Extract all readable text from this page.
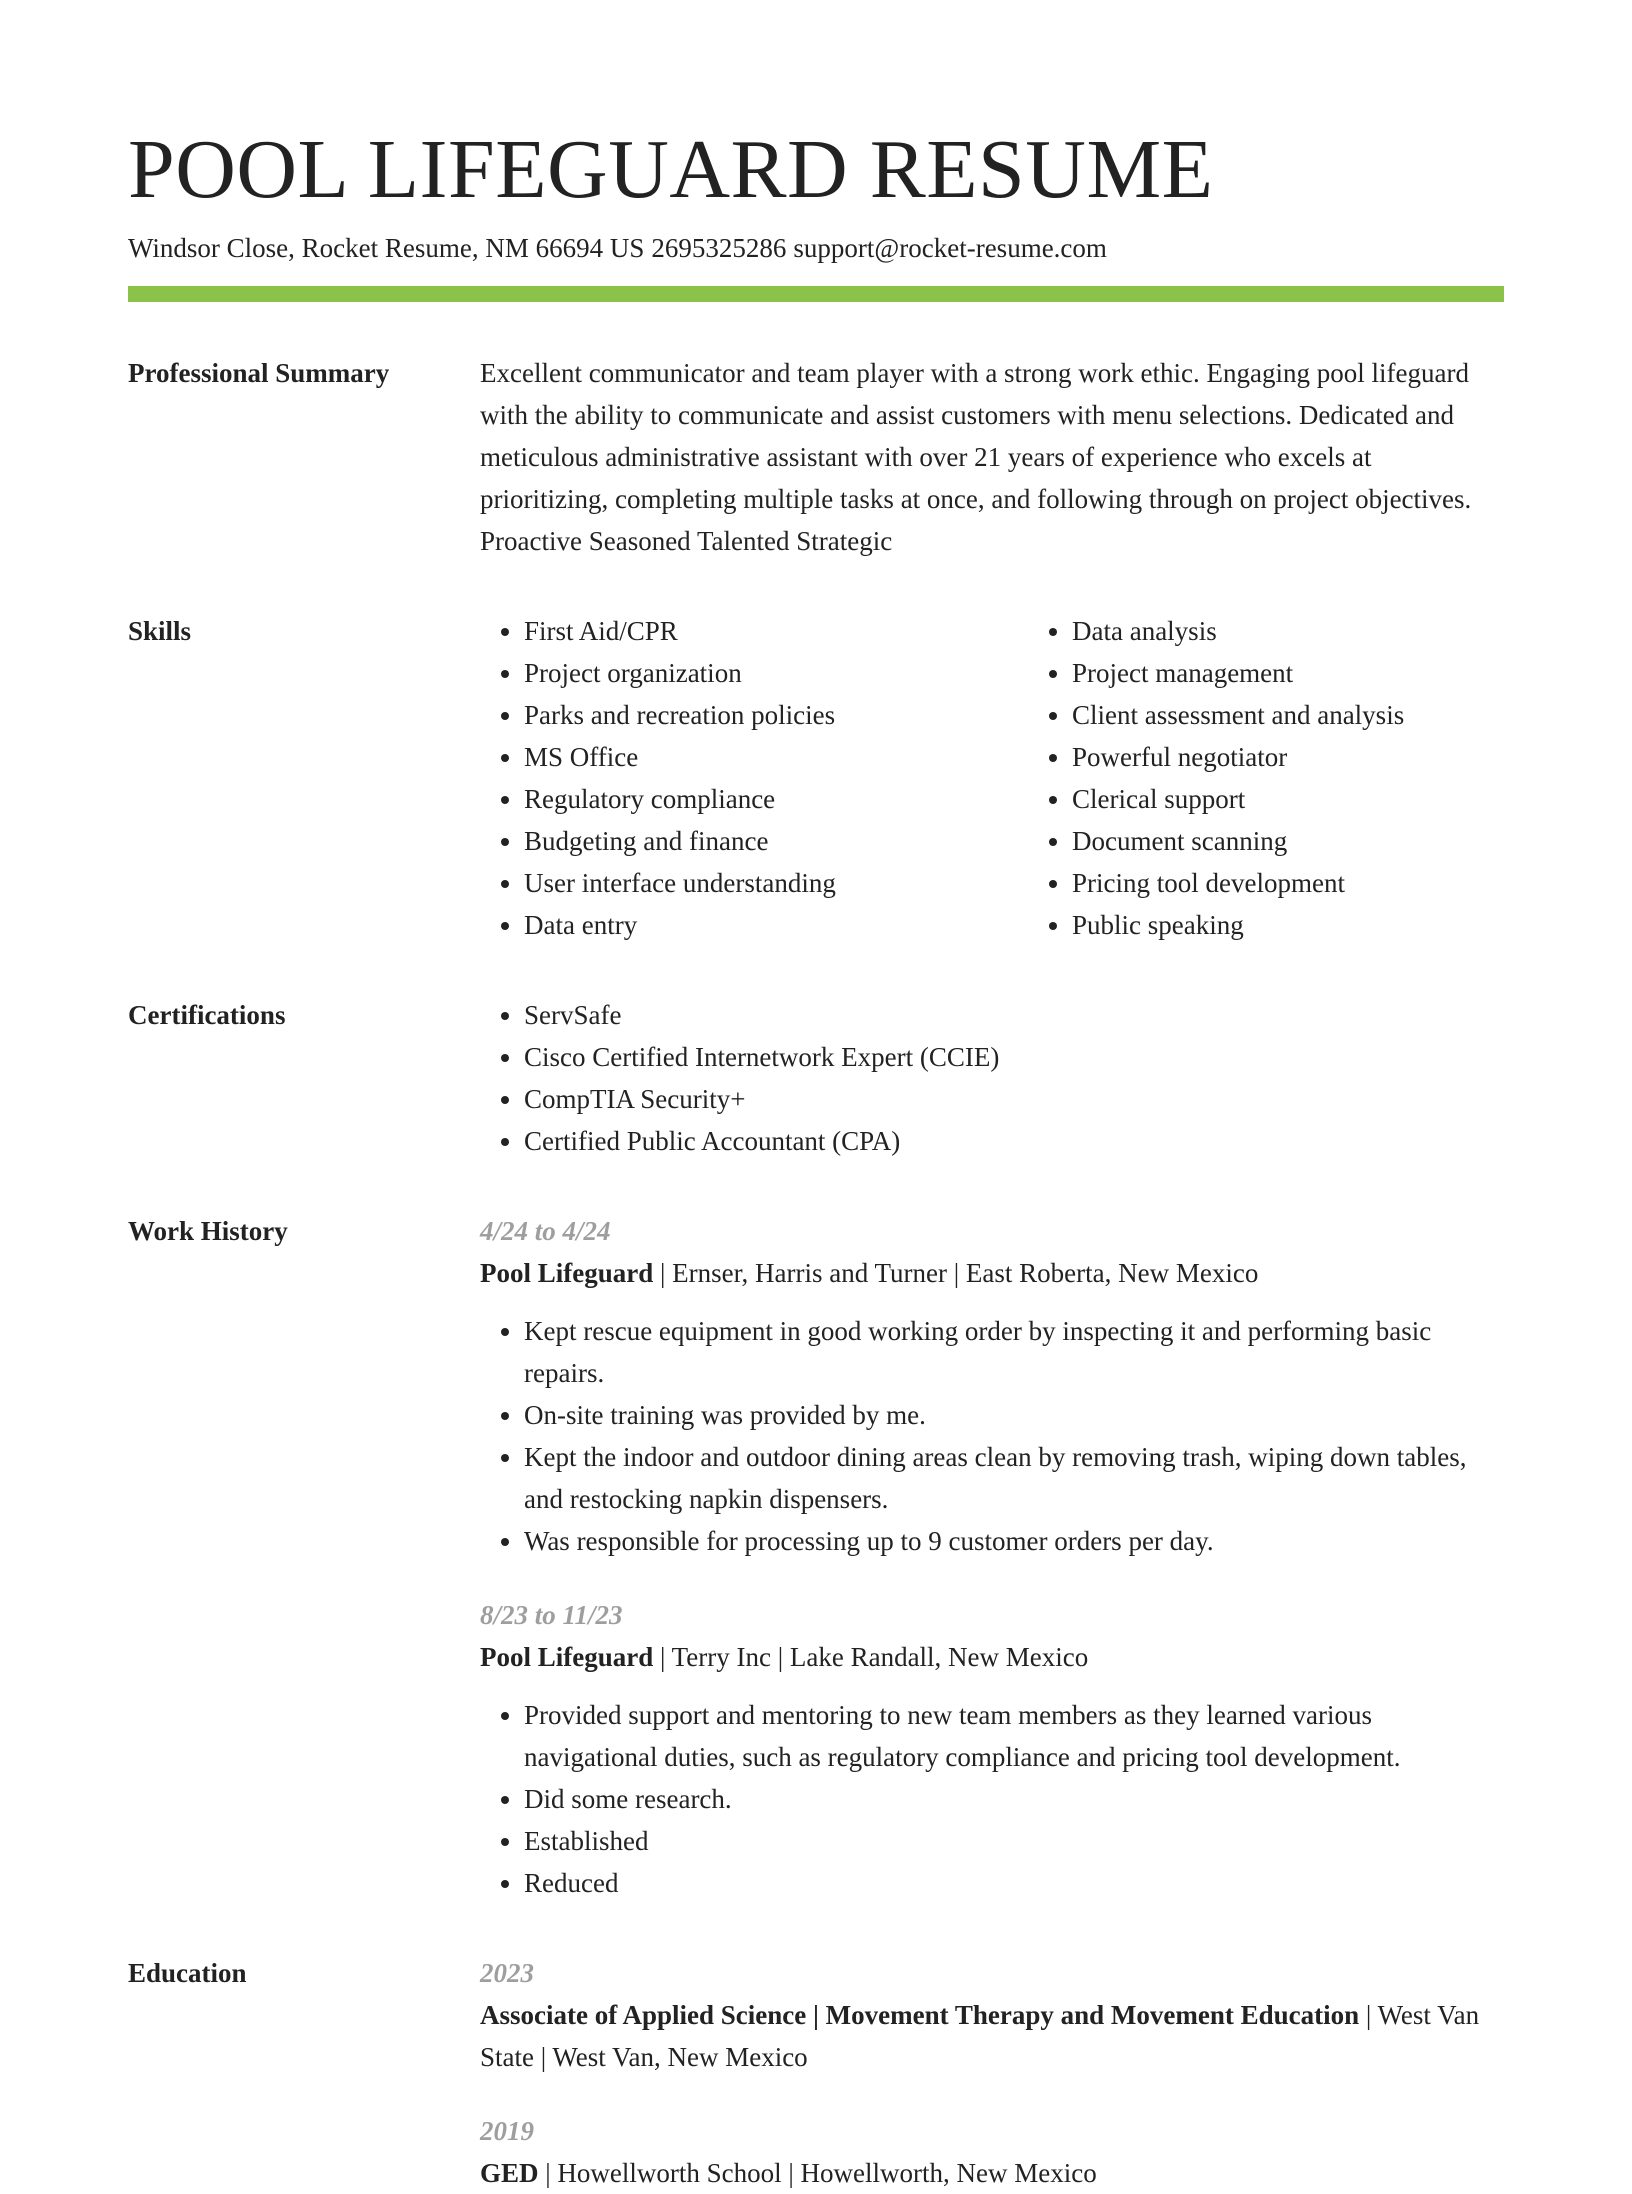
POOL LIFEGUARD RESUME
Windsor Close, Rocket Resume, NM 66694 US 2695325286 support@rocket-resume.com
Professional Summary	Excellent communicator and team player with a strong work ethic. Engaging pool lifeguard with the ability to communicate and assist customers with menu selections. Dedicated and meticulous administrative assistant with over 21 years of experience who excels at prioritizing, completing multiple tasks at once, and following through on project objectives. Proactive Seasoned Talented Strategic

Skills	• First Aid/CPR
• Project organization
• Parks and recreation policies
• MS Office
• Regulatory compliance
• Budgeting and finance
• User interface understanding
• Data entry
• Data analysis
• Project management
• Client assessment and analysis
• Powerful negotiator
• Clerical support
• Document scanning
• Pricing tool development
• Public speaking
Certifications	• ServSafe
• Cisco Certified Internetwork Expert (CCIE)
• CompTIA Security+
• Certified Public Accountant (CPA)
Work History	4/24 to 4/24
Pool Lifeguard | Ernser, Harris and Turner | East Roberta, New Mexico
• Kept rescue equipment in good working order by inspecting it and performing basic repairs.
• On-site training was provided by me.
• Kept the indoor and outdoor dining areas clean by removing trash, wiping down tables, and restocking napkin dispensers.
• Was responsible for processing up to 9 customer orders per day.
8/23 to 11/23
Pool Lifeguard | Terry Inc | Lake Randall, New Mexico
• Provided support and mentoring to new team members as they learned various navigational duties, such as regulatory compliance and pricing tool development.
• Did some research.
• Established
• Reduced
Education	2023
Associate of Applied Science | Movement Therapy and Movement Education | West Van State | West Van, New Mexico
2019
GED | Howellworth School | Howellworth, New Mexico
